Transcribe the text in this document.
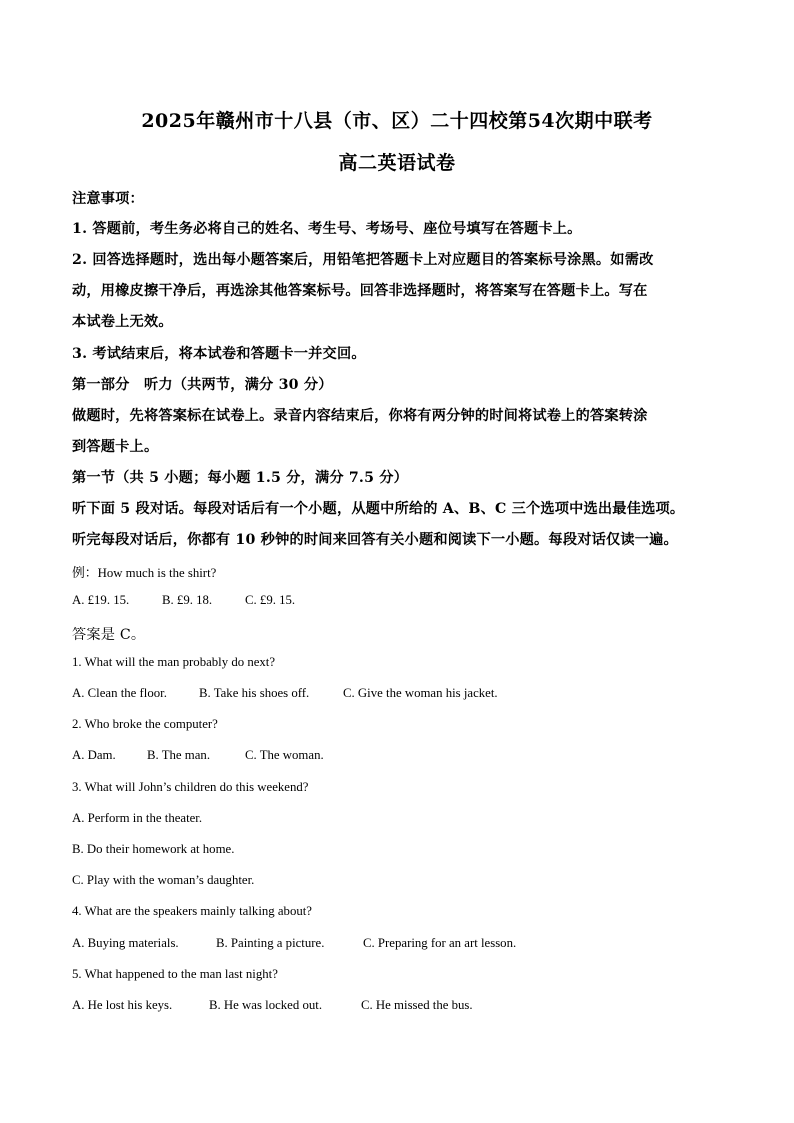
2025年赣州市十八县（市、区）二十四校第54次期中联考
高二英语试卷
注意事项：
1. 答题前，考生务必将自己的姓名、考生号、考场号、座位号填写在答题卡上。
2. 回答选择题时，选出每小题答案后，用铅笔把答题卡上对应题目的答案标号涂黑。如需改
动，用橡皮擦干净后，再选涂其他答案标号。回答非选择题时，将答案写在答题卡上。写在
本试卷上无效。
3. 考试结束后，将本试卷和答题卡一并交回。
第一部分　听力（共两节，满分 30 分）
做题时，先将答案标在试卷上。录音内容结束后，你将有两分钟的时间将试卷上的答案转涂
到答题卡上。
第一节（共 5 小题；每小题 1.5 分，满分 7.5 分）
听下面 5 段对话。每段对话后有一个小题，从题中所给的 A、B、C 三个选项中选出最佳选项。
听完每段对话后，你都有 10 秒钟的时间来回答有关小题和阅读下一小题。每段对话仅读一遍。
例：How much is the shirt?
A. £19. 15.	B. £9. 18.	C. £9. 15.
答案是 C。
1. What will the man probably do next?
A. Clean the floor.	B. Take his shoes off.	C. Give the woman his jacket.
2. Who broke the computer?
A. Dam. B. The man.	C. The woman.
3. What will John’s children do this weekend?
A. Perform in the theater.
B. Do their homework at home.
C. Play with the woman’s daughter.
4. What are the speakers mainly talking about?
A. Buying materials.	B. Painting a picture.	C. Preparing for an art lesson.
5. What happened to the man last night?
A. He lost his keys.	B. He was locked out.	C. He missed the bus.
